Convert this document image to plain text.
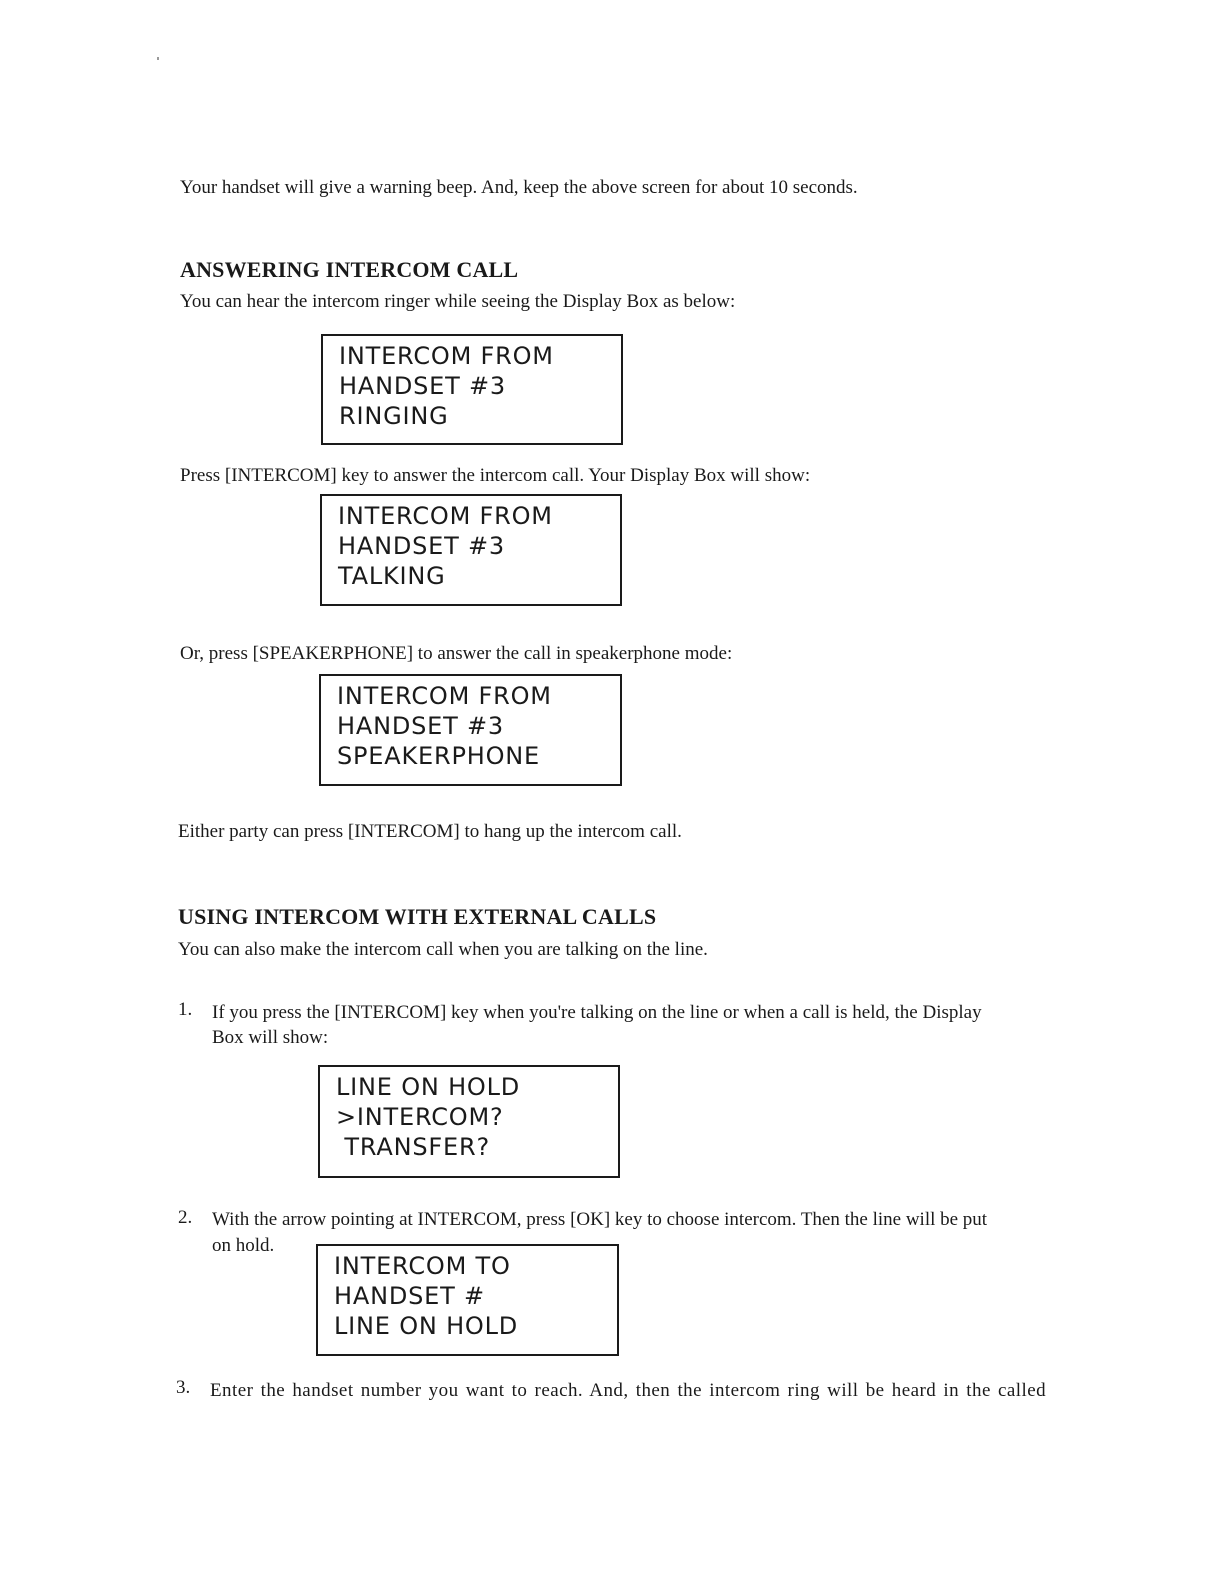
Your handset will give a warning beep. And, keep the above screen for about 10 seconds.

ANSWERING INTERCOM CALL

You can hear the intercom ringer while seeing the Display Box as below:

INTERCOM FROM
HANDSET #3
RINGING

Press [INTERCOM] key to answer the intercom call. Your Display Box will show:

INTERCOM FROM
HANDSET #3
TALKING

Or, press [SPEAKERPHONE] to answer the call in speakerphone mode:

INTERCOM FROM
HANDSET #3
SPEAKERPHONE

Either party can press [INTERCOM] to hang up the intercom call.

USING INTERCOM WITH EXTERNAL CALLS

You can also make the intercom call when you are talking on the line.

1. If you press the [INTERCOM] key when you're talking on the line or when a call is held, the Display

Box will show:

LINE ON HOLD
>INTERCOM?
TRANSFER?
2. With the arrow pointing at INTERCOM, press [OK] key to choose intercom. Then the line will be put

on hold.

INTERCOM TO
HANDSET #
LINE ON HOLD
3. Enter the handset number you want to reach. And, then the intercom ring will be heard in the called
